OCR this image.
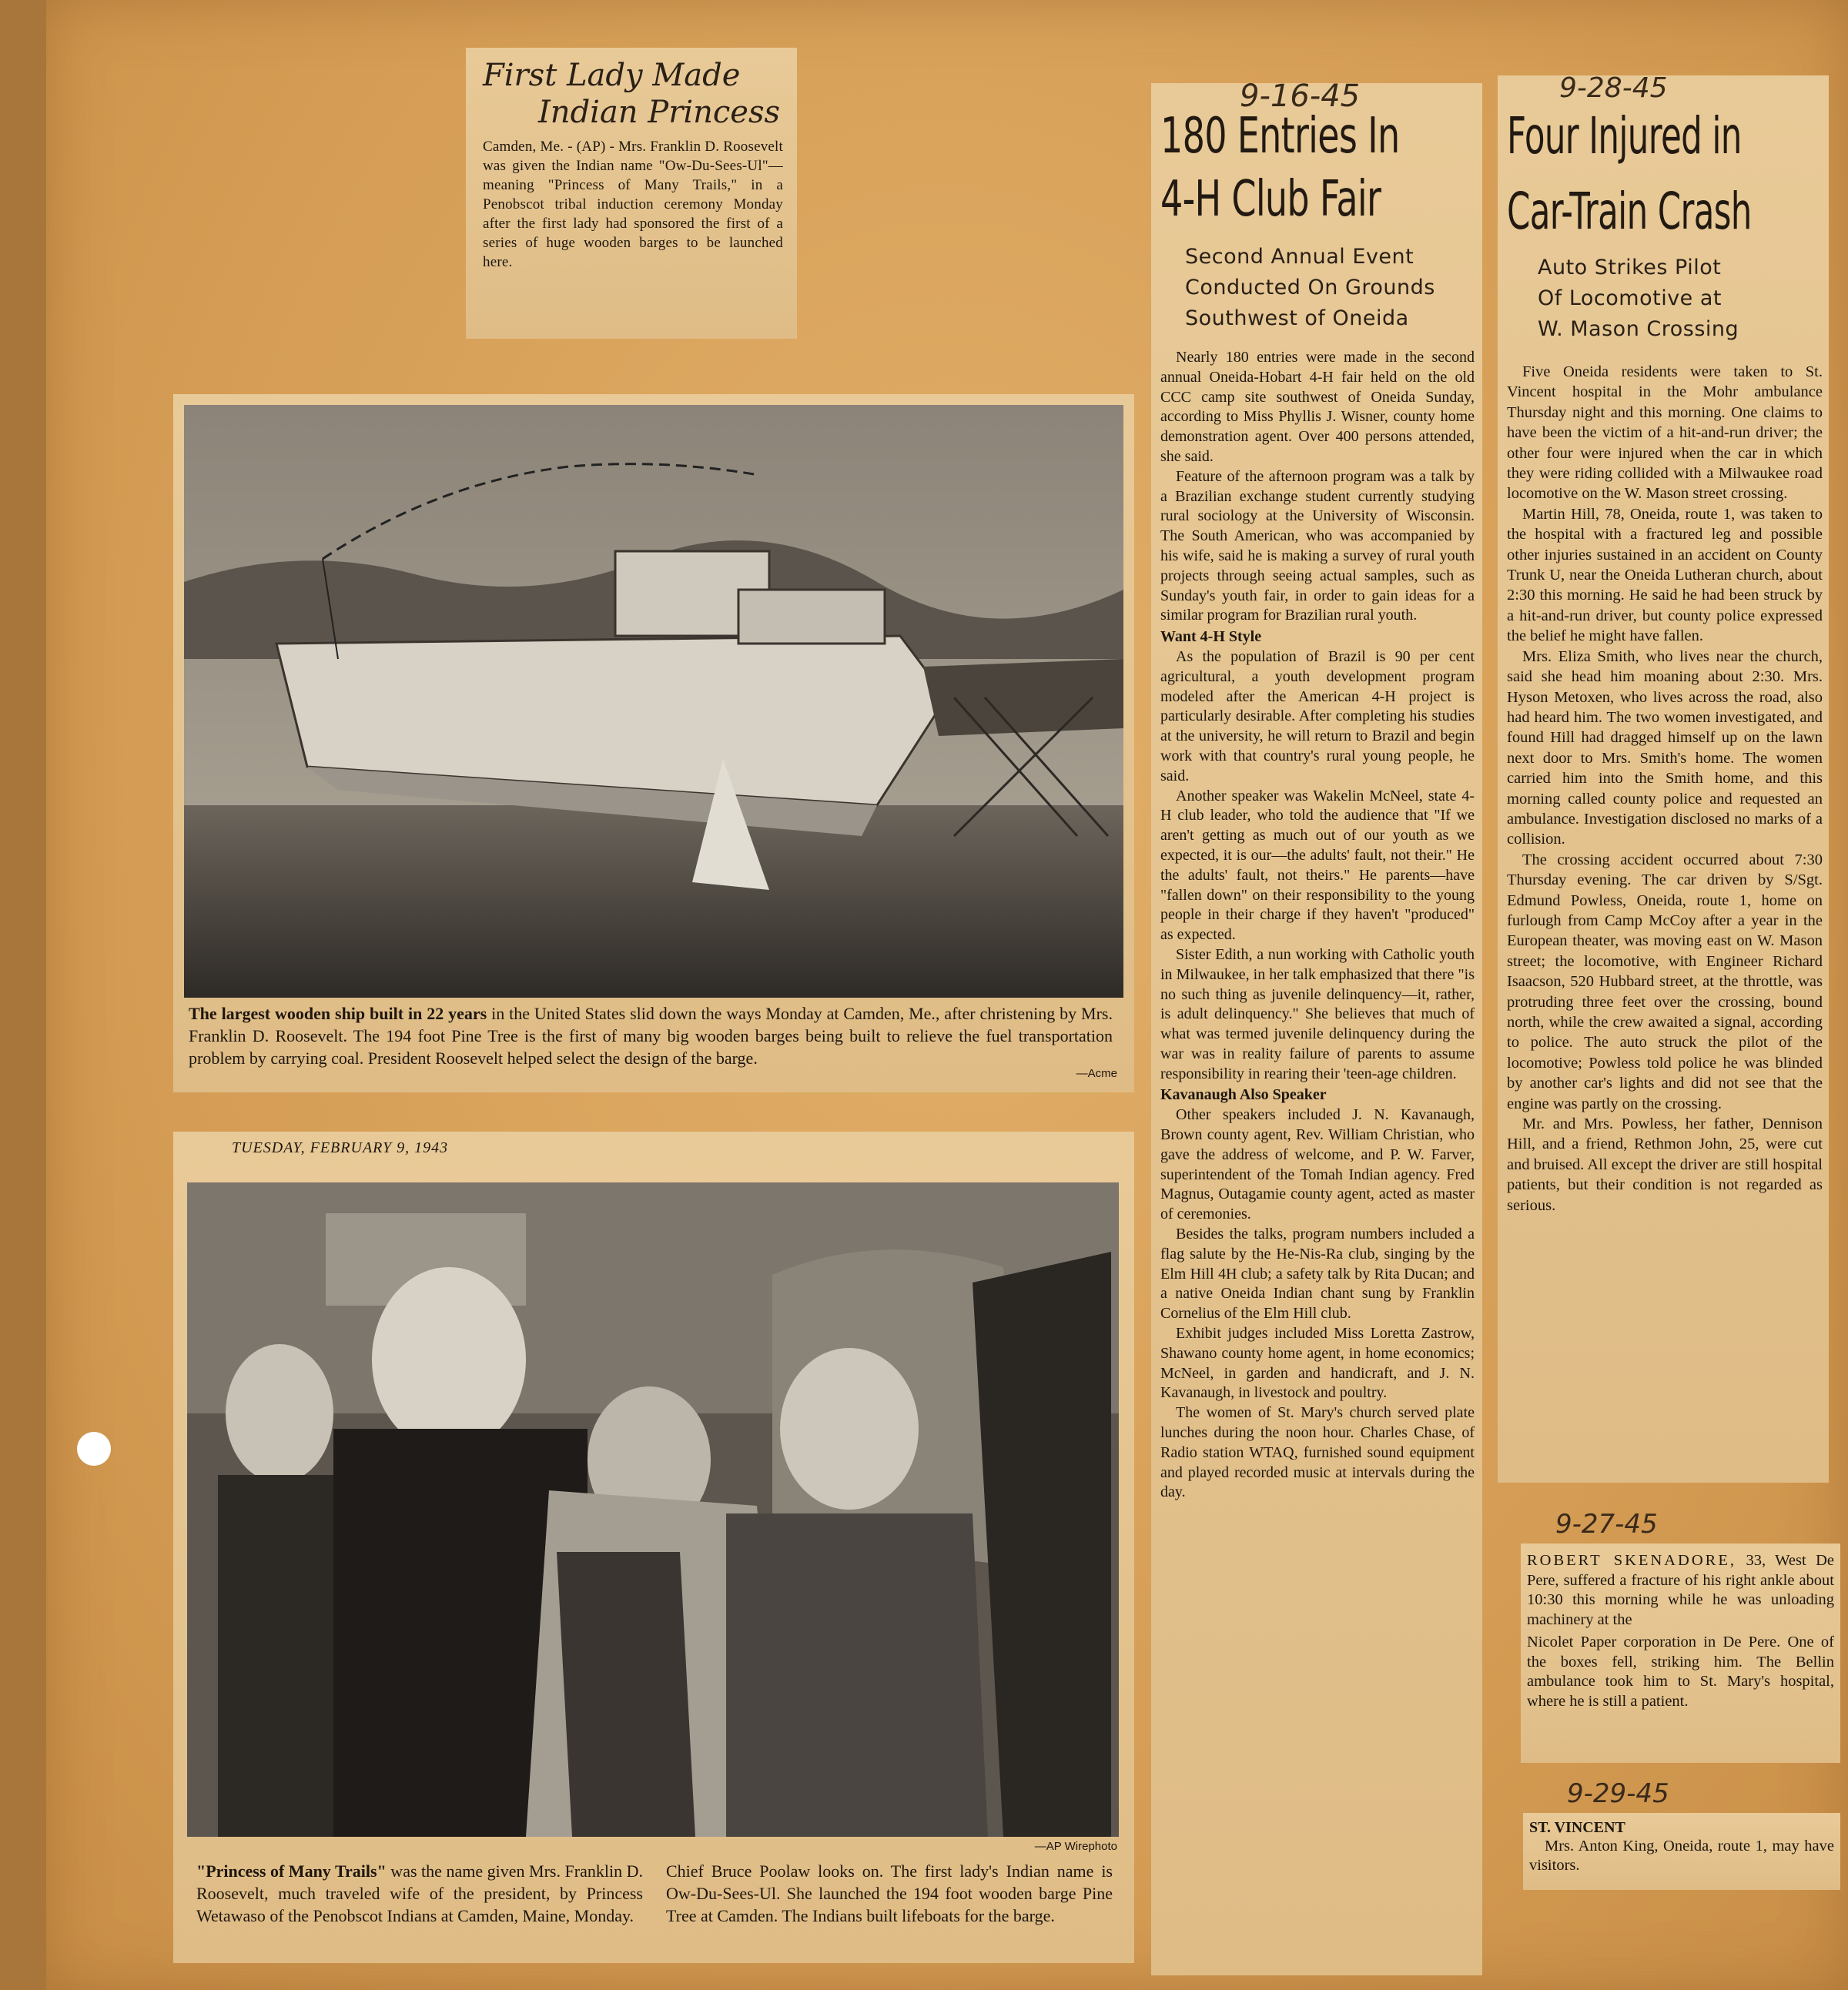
First Lady Made
Indian Princess

Camden, Me. - (AP) - Mrs. Franklin D. Roosevelt was given the Indian name "Ow-Du-Sees-Ul"—meaning "Princess of Many Trails," in a Penobscot tribal induction ceremony Monday after the first lady had sponsored the first of a series of huge wooden barges to be launched here.

The largest wooden ship built in 22 years in the United States slid down the ways Monday at Camden, Me., after christening by Mrs. Franklin D. Roosevelt. The 194 foot Pine Tree is the first of many big wooden barges being built to relieve the fuel transportation problem by carrying coal. President Roosevelt helped select the design of the barge.

—Acme
TUESDAY, FEBRUARY 9, 1943
—AP Wirephoto

"Princess of Many Trails" was the name given Mrs. Franklin D. Roosevelt, much traveled wife of the president, by Princess Wetawaso of the Penobscot Indians at Camden, Maine, Monday.

Chief Bruce Poolaw looks on. The first lady's Indian name is Ow-Du-Sees-Ul. She launched the 194 foot wooden barge Pine Tree at Camden. The Indians built lifeboats for the barge.

9-16-45
180 Entries In
4-H Club Fair
Second Annual Event
Conducted On Grounds
Southwest of Oneida

Nearly 180 entries were made in the second annual Oneida-Hobart 4-H fair held on the old CCC camp site southwest of Oneida Sunday, according to Miss Phyllis J. Wisner, county home demonstration agent. Over 400 persons attended, she said.

Feature of the afternoon program was a talk by a Brazilian exchange student currently studying rural sociology at the University of Wisconsin. The South American, who was accompanied by his wife, said he is making a survey of rural youth projects through seeing actual samples, such as Sunday's youth fair, in order to gain ideas for a similar program for Brazilian rural youth.

Want 4-H Style

As the population of Brazil is 90 per cent agricultural, a youth development program modeled after the American 4-H project is particularly desirable. After completing his studies at the university, he will return to Brazil and begin work with that country's rural young people, he said.

Another speaker was Wakelin McNeel, state 4-H club leader, who told the audience that "If we aren't getting as much out of our youth as we expected, it is our—the adults' fault, not their." He the adults' fault, not theirs." He parents—have "fallen down" on their responsibility to the young people in their charge if they haven't "produced" as expected.

Sister Edith, a nun working with Catholic youth in Milwaukee, in her talk emphasized that there "is no such thing as juvenile delinquency—it, rather, is adult delinquency." She believes that much of what was termed juvenile delinquency during the war was in reality failure of parents to assume responsibility in rearing their 'teen-age children.

Kavanaugh Also Speaker

Other speakers included J. N. Kavanaugh, Brown county agent, Rev. William Christian, who gave the address of welcome, and P. W. Farver, superintendent of the Tomah Indian agency. Fred Magnus, Outagamie county agent, acted as master of ceremonies.

Besides the talks, program numbers included a flag salute by the He-Nis-Ra club, singing by the Elm Hill 4H club; a safety talk by Rita Ducan; and a native Oneida Indian chant sung by Franklin Cornelius of the Elm Hill club.

Exhibit judges included Miss Loretta Zastrow, Shawano county home agent, in home economics; McNeel, in garden and handicraft, and J. N. Kavanaugh, in livestock and poultry.

The women of St. Mary's church served plate lunches during the noon hour. Charles Chase, of Radio station WTAQ, furnished sound equipment and played recorded music at intervals during the day.

9-28-45
Four Injured in
Car-Train Crash
Auto Strikes Pilot
Of Locomotive at
W. Mason Crossing

Five Oneida residents were taken to St. Vincent hospital in the Mohr ambulance Thursday night and this morning. One claims to have been the victim of a hit-and-run driver; the other four were injured when the car in which they were riding collided with a Milwaukee road locomotive on the W. Mason street crossing.

Martin Hill, 78, Oneida, route 1, was taken to the hospital with a fractured leg and possible other injuries sustained in an accident on County Trunk U, near the Oneida Lutheran church, about 2:30 this morning. He said he had been struck by a hit-and-run driver, but county police expressed the belief he might have fallen.

Mrs. Eliza Smith, who lives near the church, said she head him moaning about 2:30. Mrs. Hyson Metoxen, who lives across the road, also had heard him. The two women investigated, and found Hill had dragged himself up on the lawn next door to Mrs. Smith's home. The women carried him into the Smith home, and this morning called county police and requested an ambulance. Investigation disclosed no marks of a collision.

The crossing accident occurred about 7:30 Thursday evening. The car driven by S/Sgt. Edmund Powless, Oneida, route 1, home on furlough from Camp McCoy after a year in the European theater, was moving east on W. Mason street; the locomotive, with Engineer Richard Isaacson, 520 Hubbard street, at the throttle, was protruding three feet over the crossing, bound north, while the crew awaited a signal, according to police. The auto struck the pilot of the locomotive; Powless told police he was blinded by another car's lights and did not see that the engine was partly on the crossing.

Mr. and Mrs. Powless, her father, Dennison Hill, and a friend, Rethmon John, 25, were cut and bruised. All except the driver are still hospital patients, but their condition is not regarded as serious.

ROBERT SKENADORE, 33, West De Pere, suffered a fracture of his right ankle about 10:30 this morning while he was unloading machinery at the

Nicolet Paper corporation in De Pere. One of the boxes fell, striking him. The Bellin ambulance took him to St. Mary's hospital, where he is still a patient.

9-27-45
ST. VINCENT

Mrs. Anton King, Oneida, route 1, may have visitors.

9-29-45
